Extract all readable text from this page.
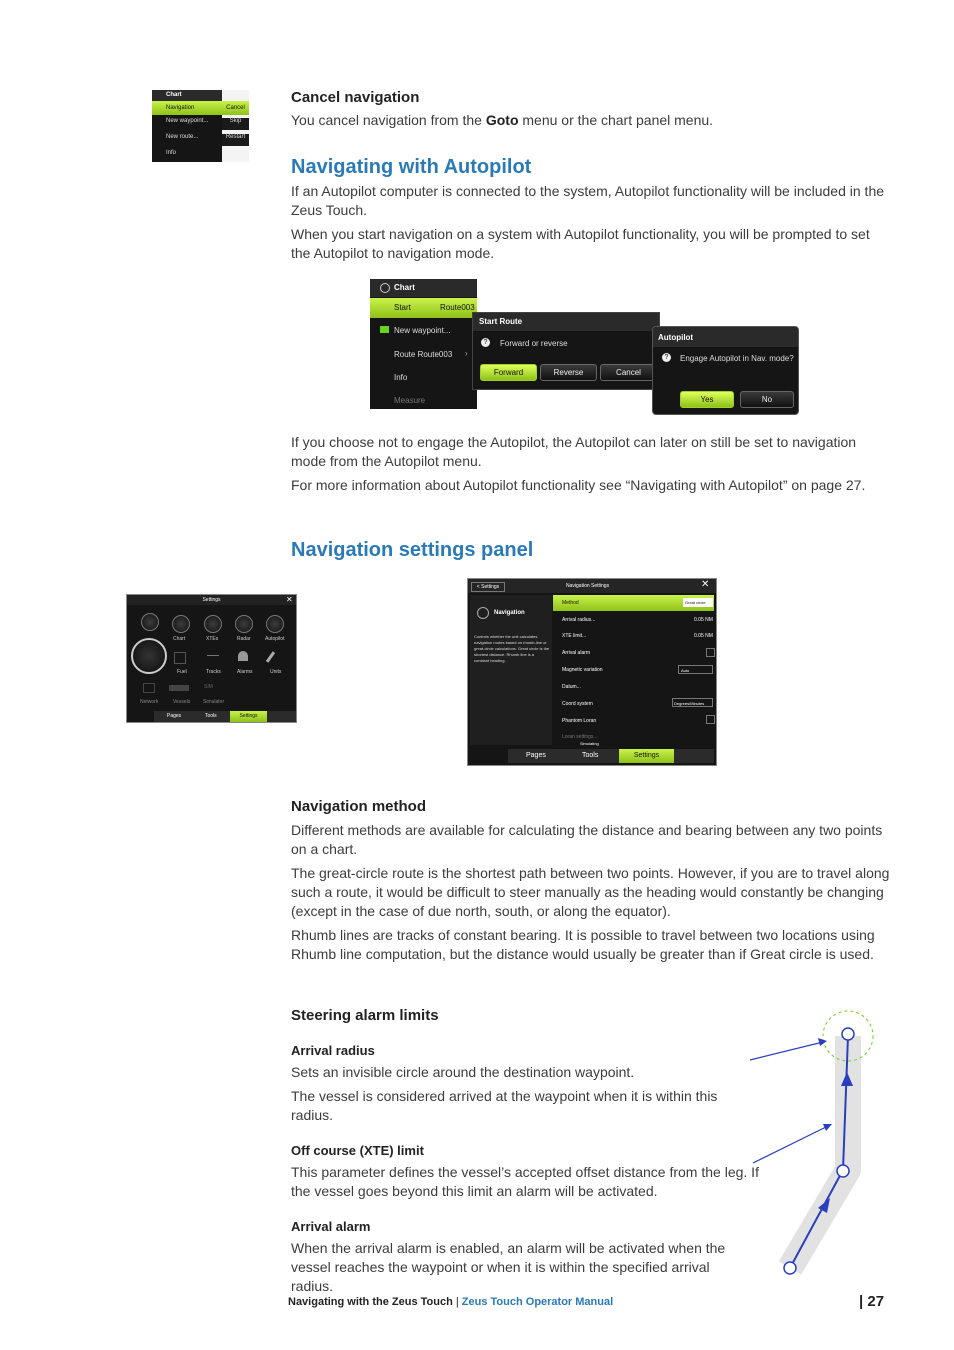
Chart
Navigation
New waypoint...
New route...
Info
Cancel
Skip
Restart
Cancel navigation

You cancel navigation from the Goto menu or the chart panel menu.

Navigating with Autopilot

If an Autopilot computer is connected to the system, Autopilot functionality will be included in the Zeus Touch.

When you start navigation on a system with Autopilot functionality, you will be prompted to set the Autopilot to navigation mode.

Chart
Start	Route003
New waypoint...
Route Route003 ›
Info
Measure
Start Route
?	Forward or reverse
Forward	Reverse	Cancel
Autopilot
?	Engage Autopilot in Nav. mode?
Yes	No

If you choose not to engage the Autopilot, the Autopilot can later on still be set to navigation mode from the Autopilot menu.

For more information about Autopilot functionality see “Navigating with Autopilot” on page 27.

Navigation settings panel
Settings	✕
Chart	XTEs	Radar	Autopilot
Fuel	Tracks	Alarms	Units
SIM
Network	Vessels	Simulator
Pages	Tools	Settings
< Settings	Navigation Settings	✕
Navigation
Controls whether the unit calculates navigation routes based on rhumb-line or great-circle calculations. Great circle is the shortest distance. Rhumb line is a constant heading.
Method	Great circle
Arrival radius...	0.05 NM
XTE limit...	0.05 NM
Arrival alarm
Magnetic variation	Auto
Datum...
Coord system	Degrees/Minutes
Phantom Loran
Loran settings...
Simulating
Pages	Tools	Settings
Navigation method

Different methods are available for calculating the distance and bearing between any two points on a chart.

The great-circle route is the shortest path between two points. However, if you are to travel along such a route, it would be difficult to steer manually as the heading would constantly be changing (except in the case of due north, south, or along the equator).

Rhumb lines are tracks of constant bearing. It is possible to travel between two locations using Rhumb line computation, but the distance would usually be greater than if Great circle is used.

Steering alarm limits
Arrival radius

Sets an invisible circle around the destination waypoint.

The vessel is considered arrived at the waypoint when it is within this radius.

Off course (XTE) limit

This parameter defines the vessel’s accepted offset distance from the leg. If the vessel goes beyond this limit an alarm will be activated.

Arrival alarm

When the arrival alarm is enabled, an alarm will be activated when the vessel reaches the waypoint or when it is within the specified arrival radius.

Navigating with the Zeus Touch | Zeus Touch Operator Manual	| 27
